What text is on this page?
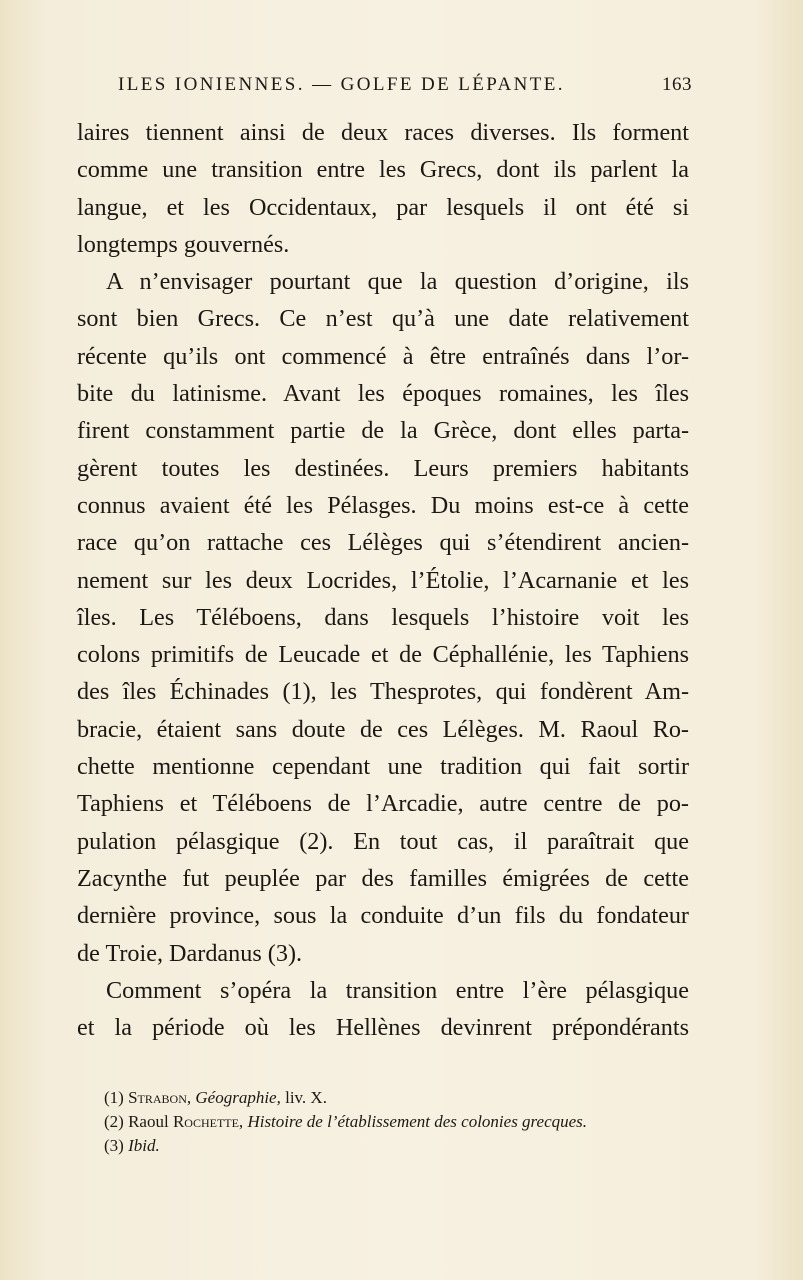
ILES IONIENNES. — GOLFE DE LÉPANTE.	163
laires tiennent ainsi de deux races diverses. Ils forment
comme une transition entre les Grecs, dont ils parlent la
langue, et les Occidentaux, par lesquels il ont été si
longtemps gouvernés.
A n’envisager pourtant que la question d’origine, ils
sont bien Grecs. Ce n’est qu’à une date relativement
récente qu’ils ont commencé à être entraînés dans l’or-
bite du latinisme. Avant les époques romaines, les îles
firent constamment partie de la Grèce, dont elles parta-
gèrent toutes les destinées. Leurs premiers habitants
connus avaient été les Pélasges. Du moins est-ce à cette
race qu’on rattache ces Lélèges qui s’étendirent ancien-
nement sur les deux Locrides, l’Étolie, l’Acarnanie et les
îles. Les Téléboens, dans lesquels l’histoire voit les
colons primitifs de Leucade et de Céphallénie, les Taphiens
des îles Échinades (1), les Thesprotes, qui fondèrent Am-
bracie, étaient sans doute de ces Lélèges. M. Raoul Ro-
chette mentionne cependant une tradition qui fait sortir
Taphiens et Téléboens de l’Arcadie, autre centre de po-
pulation pélasgique (2). En tout cas, il paraîtrait que
Zacynthe fut peuplée par des familles émigrées de cette
dernière province, sous la conduite d’un fils du fondateur
de Troie, Dardanus (3).
Comment s’opéra la transition entre l’ère pélasgique
et la période où les Hellènes devinrent prépondérants
(1) Strabon, Géographie, liv. X.
(2) Raoul Rochette, Histoire de l’établissement des colonies grecques.
(3) Ibid.
